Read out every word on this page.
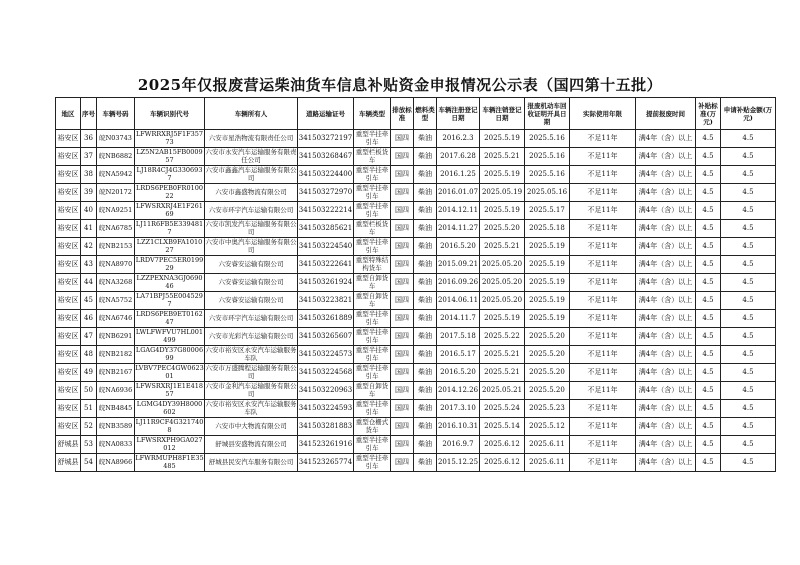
2025年仅报废营运柴油货车信息补贴资金申报情况公示表（国四第十五批）
地区	序号	车辆号码	车辆识别代号	车辆所有人	道路运输证号	车辆类型	排放标准	燃料类型	车辆注册登记日期	车辆注销登记日期	报废机动车回收证明开具日期	实际使用年限	提前报废时间	补贴标准(万元)	申请补贴金额(万元)
裕安区	36	皖N03743	LFWRRXRJ5F1F35773	六安市星浩物流有限责任公司	341503272197	重型半挂牵引车	国四	柴油	2016.2.3	2025.5.19	2025.5.16	不足11年	满4年（含）以上	4.5	4.5
裕安区	37	皖NB6882	LZ5N2AB15FB000957	六安市永安汽车运输服务有限责任公司	341503268467	重型栏板货车	国四	柴油	2017.6.28	2025.5.21	2025.5.16	不足11年	满4年（含）以上	4.5	4.5
裕安区	38	皖NA5942	LJ18R4CJ4G3306937	六安市鑫鑫汽车运输服务有限公司	341503224400	重型半挂牵引车	国四	柴油	2016.1.25	2025.5.19	2025.5.16	不足11年	满4年（含）以上	4.5	4.5
裕安区	39	皖N20172	LRDS6PEB0FR010022	六安市鑫盛物流有限公司	341503272970	重型半挂牵引车	国四	柴油	2016.01.07	2025.05.19	2025.05.16	不足11年	满4年（含）以上	4.5	4.5
裕安区	40	皖NA9251	LFWSRXRJ4E1F26169	六安市环宇汽车运输有限公司	341503222214	重型半挂牵引车	国四	柴油	2014.12.11	2025.5.19	2025.5.17	不足11年	满4年（含）以上	4.5	4.5
裕安区	41	皖NA6785	LJ11R6FB5E3394817	六安市凯发汽车运输服务有限公司	341503285621	重型栏板货车	国四	柴油	2014.11.27	2025.5.20	2025.5.18	不足11年	满4年（含）以上	4.5	4.5
裕安区	42	皖NB2153	LZZ1CLXB9FA101027	六安市中奥汽车运输服务有限公司	341503224540	重型半挂牵引车	国四	柴油	2016.5.20	2025.5.21	2025.5.19	不足11年	满4年（含）以上	4.5	4.5
裕安区	43	皖NA8970	LRDV7PEC5ER019929	六安睿安运输有限公司	341503222641	重型特殊结构货车	国四	柴油	2015.09.21	2025.05.20	2025.5.19	不足11年	满4年（含）以上	4.5	4.5
裕安区	44	皖NA3268	LZZPEXNA3GJ069046	六安睿安运输有限公司	341503261924	重型自卸货车	国四	柴油	2016.09.26	2025.05.20	2025.5.19	不足11年	满4年（含）以上	4.5	4.5
裕安区	45	皖NA5752	LA71BPJ55E0045297	六安睿安运输有限公司	341503223821	重型自卸货车	国四	柴油	2014.06.11	2025.05.20	2025.5.19	不足11年	满4年（含）以上	4.5	4.5
裕安区	46	皖NA6746	LRDS6PEB9ET016247	六安市环宇汽车运输有限公司	341503261889	重型半挂牵引车	国四	柴油	2014.11.7	2025.5.19	2025.5.19	不足11年	满4年（含）以上	4.5	4.5
裕安区	47	皖NB6291	LWLFWFVU7HL001499	六安市光彩汽车运输有限公司	341503265607	重型半挂牵引车	国四	柴油	2017.5.18	2025.5.22	2025.5.20	不足11年	满4年（含）以上	4.5	4.5
裕安区	48	皖NB2182	LGAG4DY37G8000699	六安市裕安区永安汽车运输服务车队	341503224573	重型半挂牵引车	国四	柴油	2016.5.17	2025.5.21	2025.5.20	不足11年	满4年（含）以上	4.5	4.5
裕安区	49	皖NB2167	LVBV7PEC4GW062301	六安市万盛腾程运输服务有限公司	341503224568	重型半挂牵引车	国四	柴油	2016.5.20	2025.5.21	2025.5.20	不足11年	满4年（含）以上	4.5	4.5
裕安区	50	皖NA6936	LFWSRXRJ1E1E41857	六安市金利汽车运输服务有限公司	341503220963	重型自卸货车	国四	柴油	2014.12.26	2025.05.21	2025.5.20	不足11年	满4年（含）以上	4.5	4.5
裕安区	51	皖NB4845	LGMG4DY39H8000602	六安市裕安区永安汽车运输服务车队	341503224593	重型半挂牵引车	国四	柴油	2017.3.10	2025.5.24	2025.5.23	不足11年	满4年（含）以上	4.5	4.5
裕安区	52	皖NB3589	LJ11R9CF4G3217408	六安市中大物流有限公司	341503281883	重型仓栅式货车	国四	柴油	2016.10.31	2025.5.14	2025.5.12	不足11年	满4年（含）以上	4.5	4.5
舒城县	53	皖NA0833	LFWSRXPH9GA027012	舒城县安盛物流有限公司	341523261916	重型半挂牵引车	国四	柴油	2016.9.7	2025.6.12	2025.6.11	不足11年	满4年（含）以上	4.5	4.5
舒城县	54	皖NA8966	LFWRMUPH8F1E35485	舒城县民安汽车服务有限公司	341523265774	重型半挂牵引车	国四	柴油	2015.12.25	2025.6.12	2025.6.11	不足11年	满4年（含）以上	4.5	4.5
